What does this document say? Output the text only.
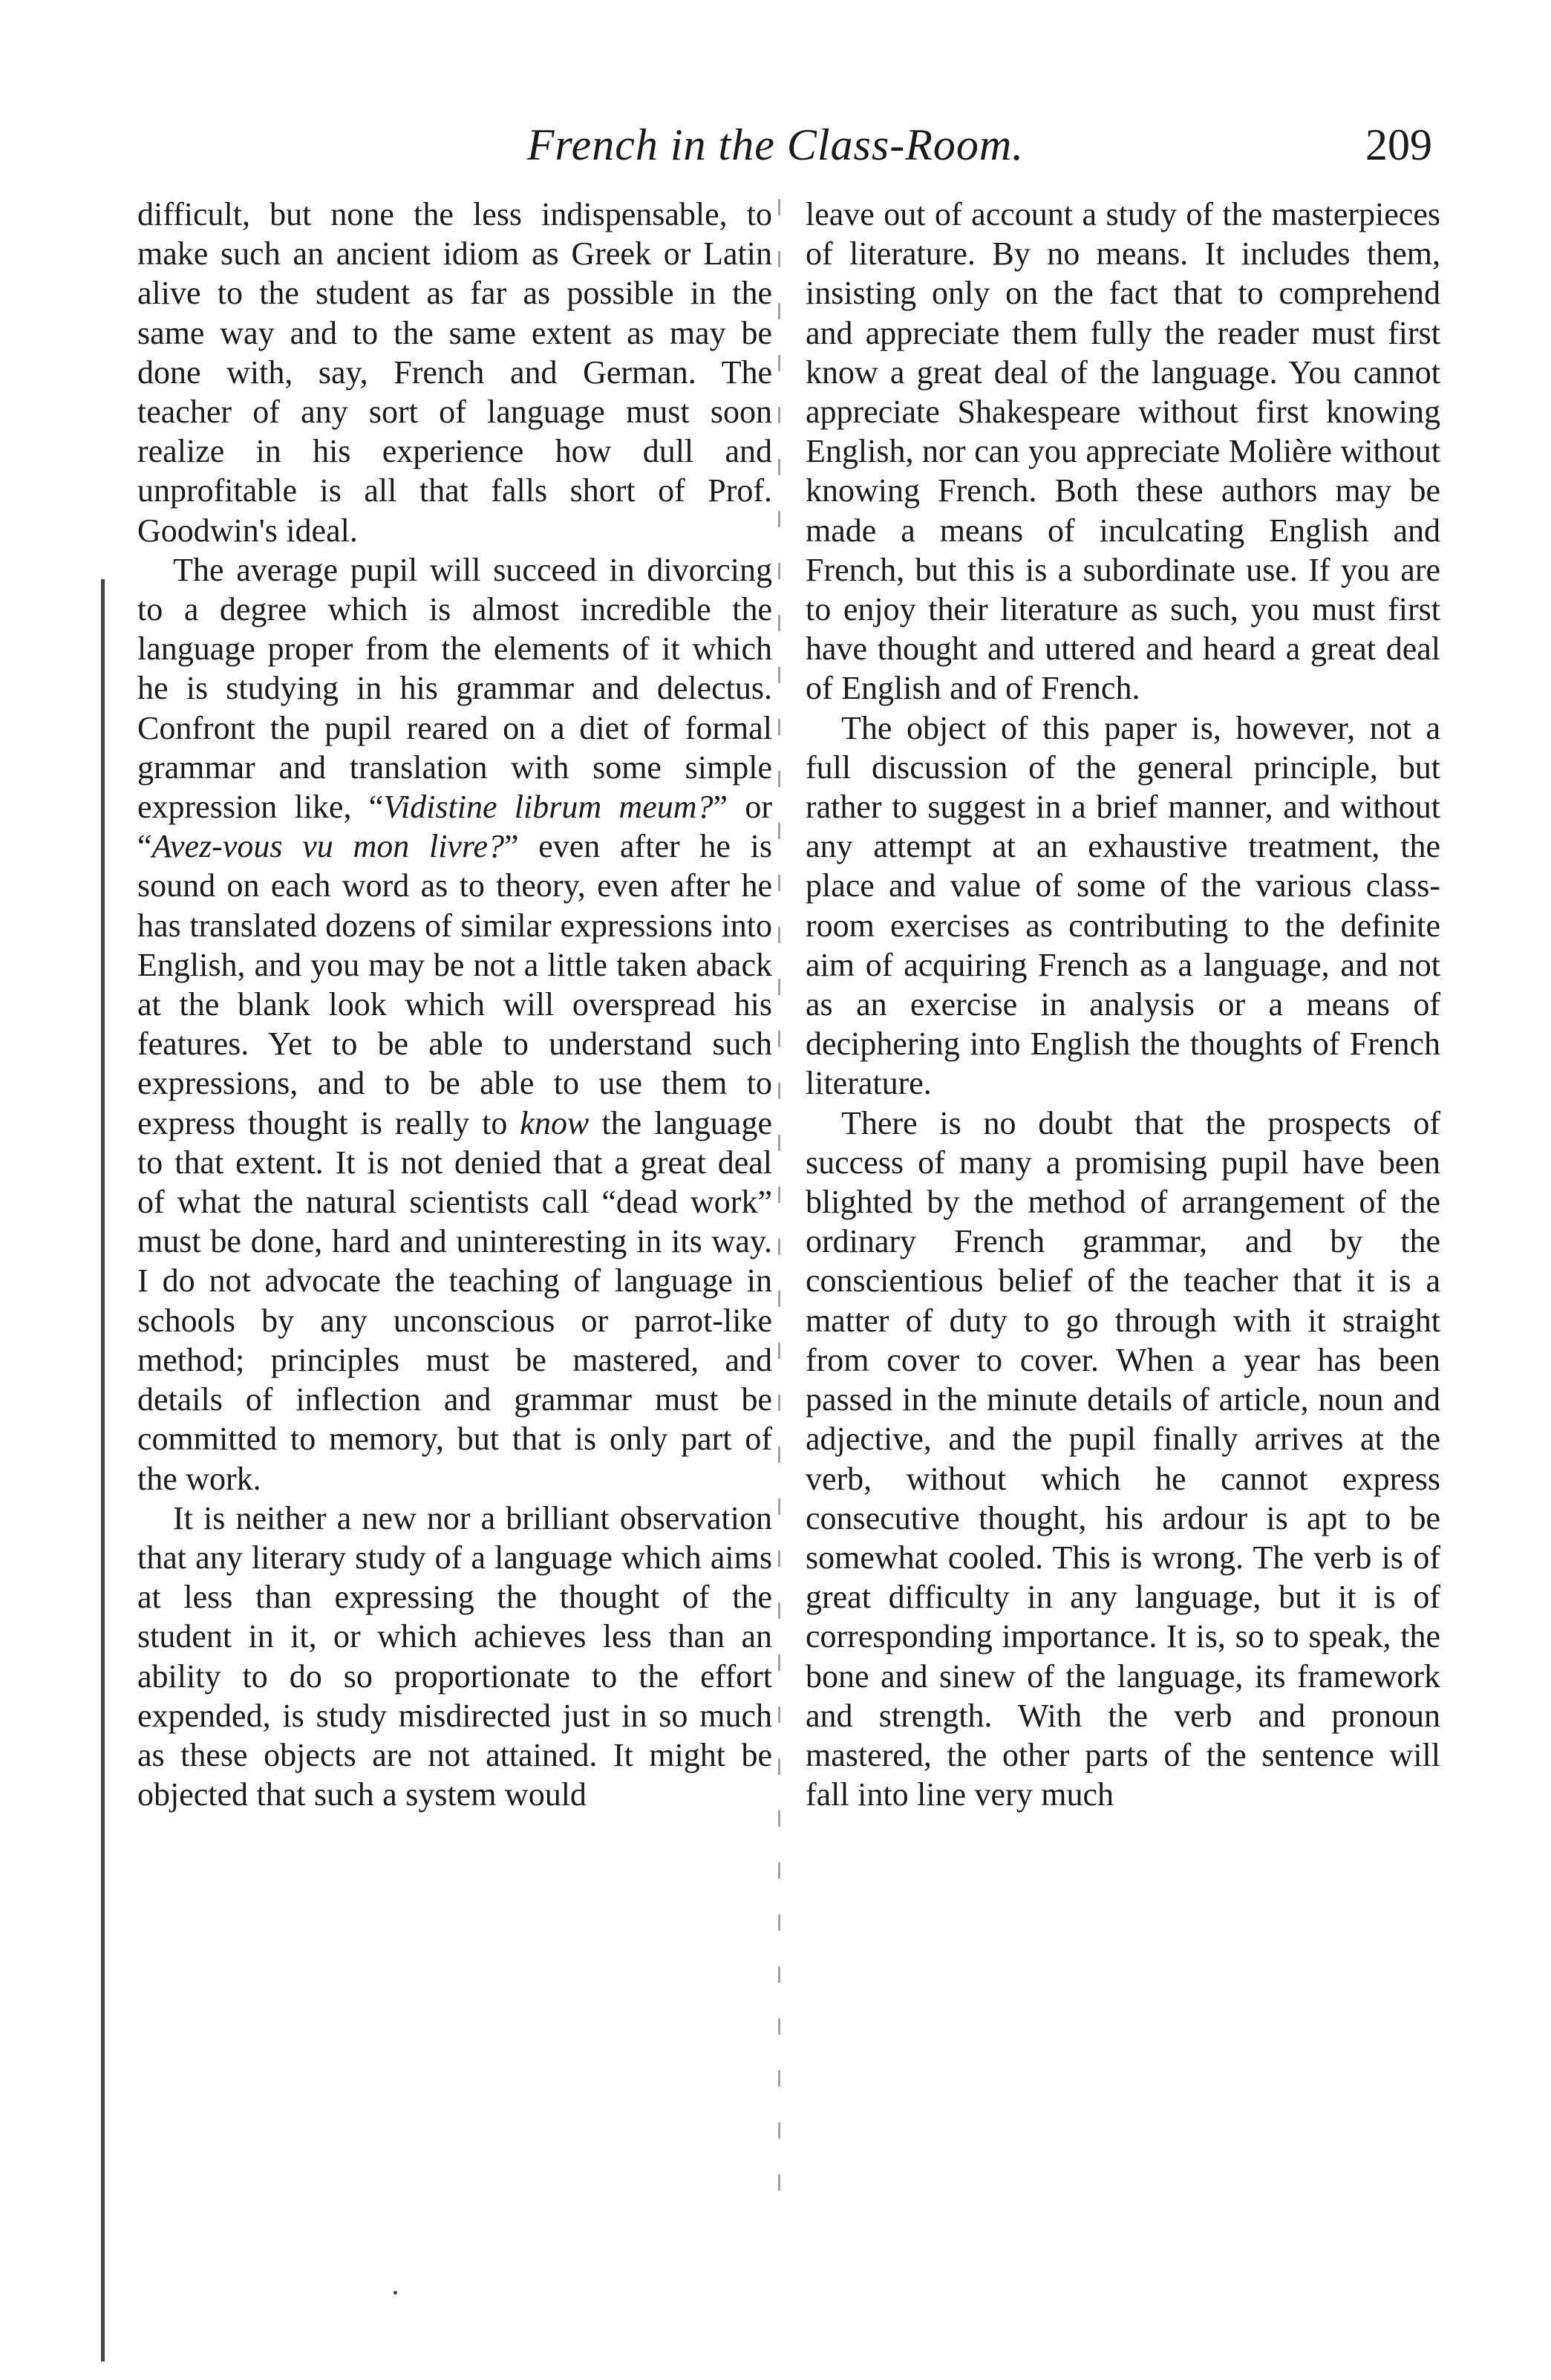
French in the Class-Room.	209

difficult, but none the less indispensable, to make such an ancient idiom as Greek or Latin alive to the student as far as possible in the same way and to the same extent as may be done with, say, French and German. The teacher of any sort of language must soon realize in his experience how dull and unprofitable is all that falls short of Prof. Goodwin's ideal.

The average pupil will succeed in divorcing to a degree which is almost incredible the language proper from the elements of it which he is studying in his grammar and delectus. Confront the pupil reared on a diet of formal grammar and translation with some simple expression like, “Vidistine librum meum?” or “Avez-vous vu mon livre?” even after he is sound on each word as to theory, even after he has translated dozens of similar expressions into English, and you may be not a little taken aback at the blank look which will overspread his features. Yet to be able to understand such expressions, and to be able to use them to express thought is really to know the language to that extent. It is not denied that a great deal of what the natural scientists call “dead work” must be done, hard and uninteresting in its way. I do not advocate the teaching of language in schools by any unconscious or parrot-like method; principles must be mastered, and details of inflection and grammar must be committed to memory, but that is only part of the work.

It is neither a new nor a brilliant observation that any literary study of a language which aims at less than expressing the thought of the student in it, or which achieves less than an ability to do so proportionate to the effort expended, is study misdirected just in so much as these objects are not attained. It might be objected that such a system would

leave out of account a study of the masterpieces of literature. By no means. It includes them, insisting only on the fact that to comprehend and appreciate them fully the reader must first know a great deal of the language. You cannot appreciate Shakespeare without first knowing English, nor can you appreciate Molière without knowing French. Both these authors may be made a means of inculcating English and French, but this is a subordinate use. If you are to enjoy their literature as such, you must first have thought and uttered and heard a great deal of English and of French.

The object of this paper is, however, not a full discussion of the general principle, but rather to suggest in a brief manner, and without any attempt at an exhaustive treatment, the place and value of some of the various class-room exercises as contributing to the definite aim of acquiring French as a language, and not as an exercise in analysis or a means of deciphering into English the thoughts of French literature.

There is no doubt that the prospects of success of many a promising pupil have been blighted by the method of arrangement of the ordinary French grammar, and by the conscientious belief of the teacher that it is a matter of duty to go through with it straight from cover to cover. When a year has been passed in the minute details of article, noun and adjective, and the pupil finally arrives at the verb, without which he cannot express consecutive thought, his ardour is apt to be somewhat cooled. This is wrong. The verb is of great difficulty in any language, but it is of corresponding importance. It is, so to speak, the bone and sinew of the language, its framework and strength. With the verb and pronoun mastered, the other parts of the sentence will fall into line very much
